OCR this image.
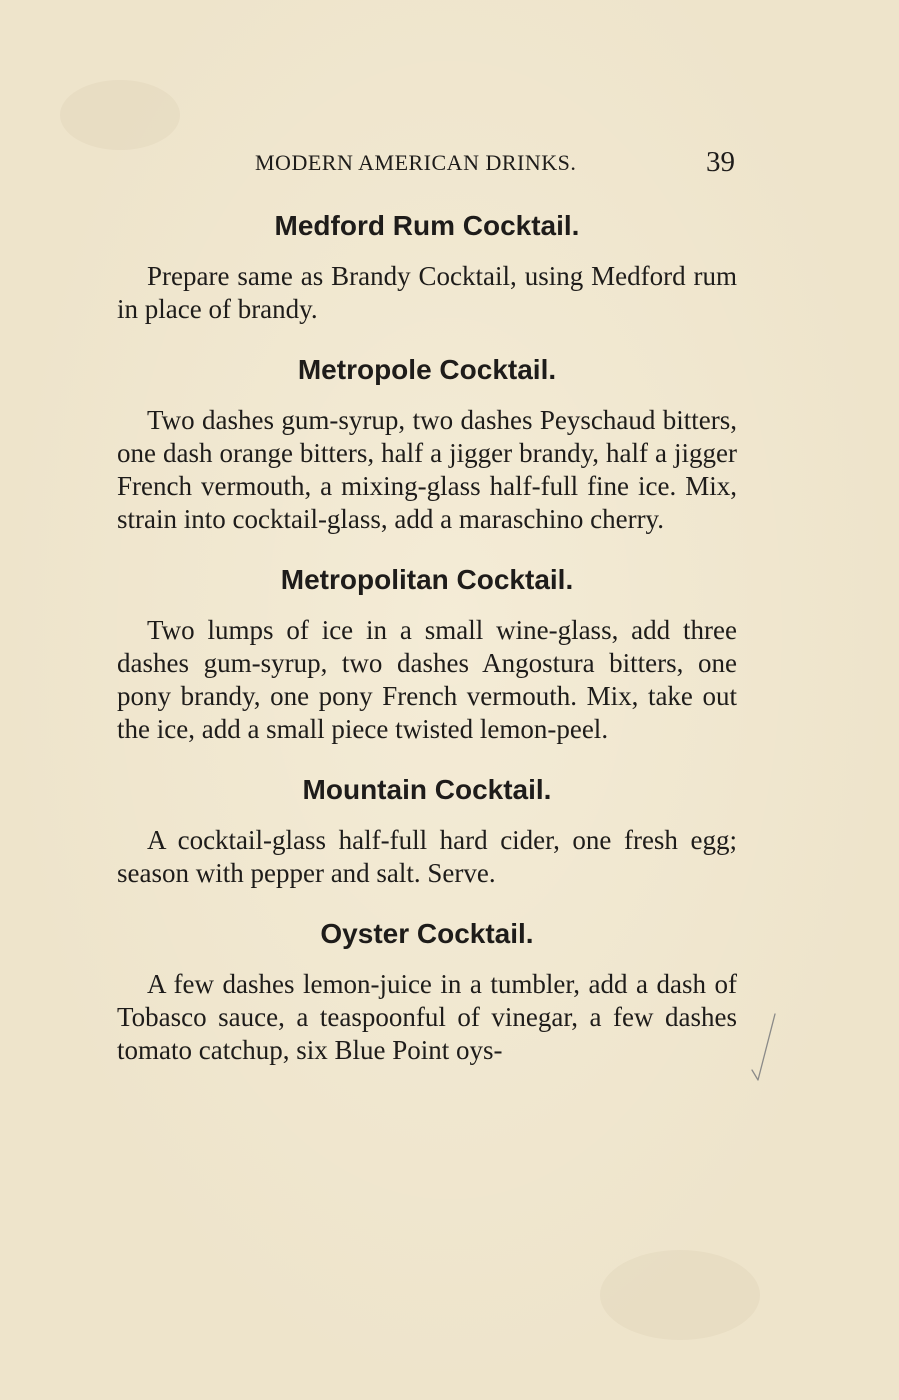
MODERN AMERICAN DRINKS.	39
Medford Rum Cocktail.

Prepare same as Brandy Cocktail, using Medford rum in place of brandy.

Metropole Cocktail.

Two dashes gum-syrup, two dashes Peyschaud bitters, one dash orange bitters, half a jigger brandy, half a jigger French vermouth, a mixing-glass half-full fine ice. Mix, strain into cocktail-glass, add a maraschino cherry.

Metropolitan Cocktail.

Two lumps of ice in a small wine-glass, add three dashes gum-syrup, two dashes Angostura bitters, one pony brandy, one pony French vermouth. Mix, take out the ice, add a small piece twisted lemon-peel.

Mountain Cocktail.

A cocktail-glass half-full hard cider, one fresh egg; season with pepper and salt. Serve.

Oyster Cocktail.

A few dashes lemon-juice in a tumbler, add a dash of Tobasco sauce, a teaspoonful of vinegar, a few dashes tomato catchup, six Blue Point oys-
